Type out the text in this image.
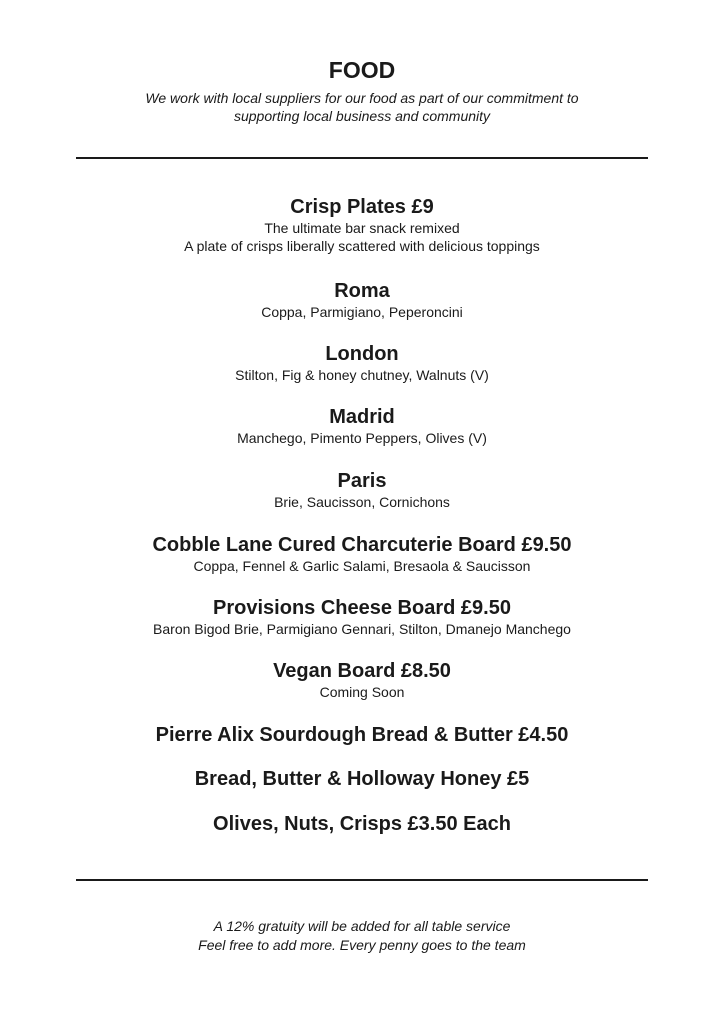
FOOD
We work with local suppliers for our food as part of our commitment to
supporting local business and community
Crisp Plates £9
The ultimate bar snack remixed
A plate of crisps liberally scattered with delicious toppings
Roma
Coppa, Parmigiano, Peperoncini
London
Stilton, Fig & honey chutney, Walnuts (V)
Madrid
Manchego, Pimento Peppers, Olives (V)
Paris
Brie, Saucisson, Cornichons
Cobble Lane Cured Charcuterie Board £9.50
Coppa, Fennel & Garlic Salami, Bresaola & Saucisson
Provisions Cheese Board £9.50
Baron Bigod Brie, Parmigiano Gennari, Stilton, Dmanejo Manchego
Vegan Board £8.50
Coming Soon
Pierre Alix Sourdough Bread & Butter £4.50
Bread, Butter & Holloway Honey £5
Olives, Nuts, Crisps £3.50 Each
A 12% gratuity will be added for all table service
Feel free to add more. Every penny goes to the team
